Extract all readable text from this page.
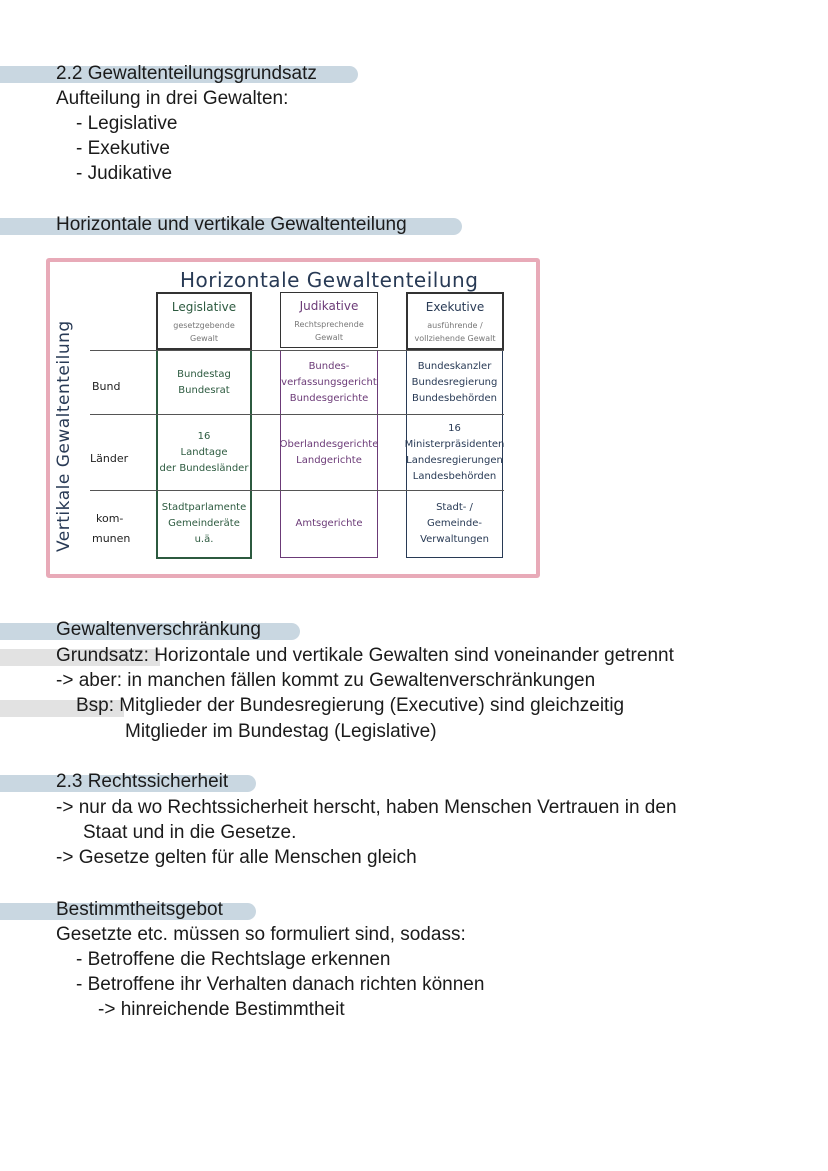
2.2 Gewaltenteilungsgrundsatz
Aufteilung in drei Gewalten:
- Legislative
- Exekutive
- Judikative
Horizontale und vertikale Gewaltenteilung
Horizontale Gewaltenteilung
Vertikale Gewaltenteilung
Legislative
gesetzgebende
Gewalt
Judikative
Rechtsprechende
Gewalt
Exekutive
ausführende /
vollziehende Gewalt
Bund
Länder
kom-
munen
Bundestag
Bundesrat
Bundes-
verfassungsgericht
Bundesgerichte
Bundeskanzler
Bundesregierung
Bundesbehörden
16
Landtage
der Bundesländer
Oberlandesgerichte
Landgerichte
16
Ministerpräsidenten
Landesregierungen
Landesbehörden
Stadtparlamente
Gemeinderäte u.ä.
Amtsgerichte
Stadt- / Gemeinde-
Verwaltungen
Gewaltenverschränkung
Grundsatz: Horizontale und vertikale Gewalten sind voneinander getrennt
-> aber: in manchen fällen kommt zu Gewaltenverschränkungen
Bsp: Mitglieder der Bundesregierung (Executive) sind gleichzeitig
Mitglieder im Bundestag (Legislative)
2.3 Rechtssicherheit
-> nur da wo Rechtssicherheit herscht, haben Menschen Vertrauen in den
Staat und in die Gesetze.
-> Gesetze gelten für alle Menschen gleich
Bestimmtheitsgebot
Gesetzte etc. müssen so formuliert sind, sodass:
- Betroffene die Rechtslage erkennen
- Betroffene ihr Verhalten danach richten können
-> hinreichende Bestimmtheit
